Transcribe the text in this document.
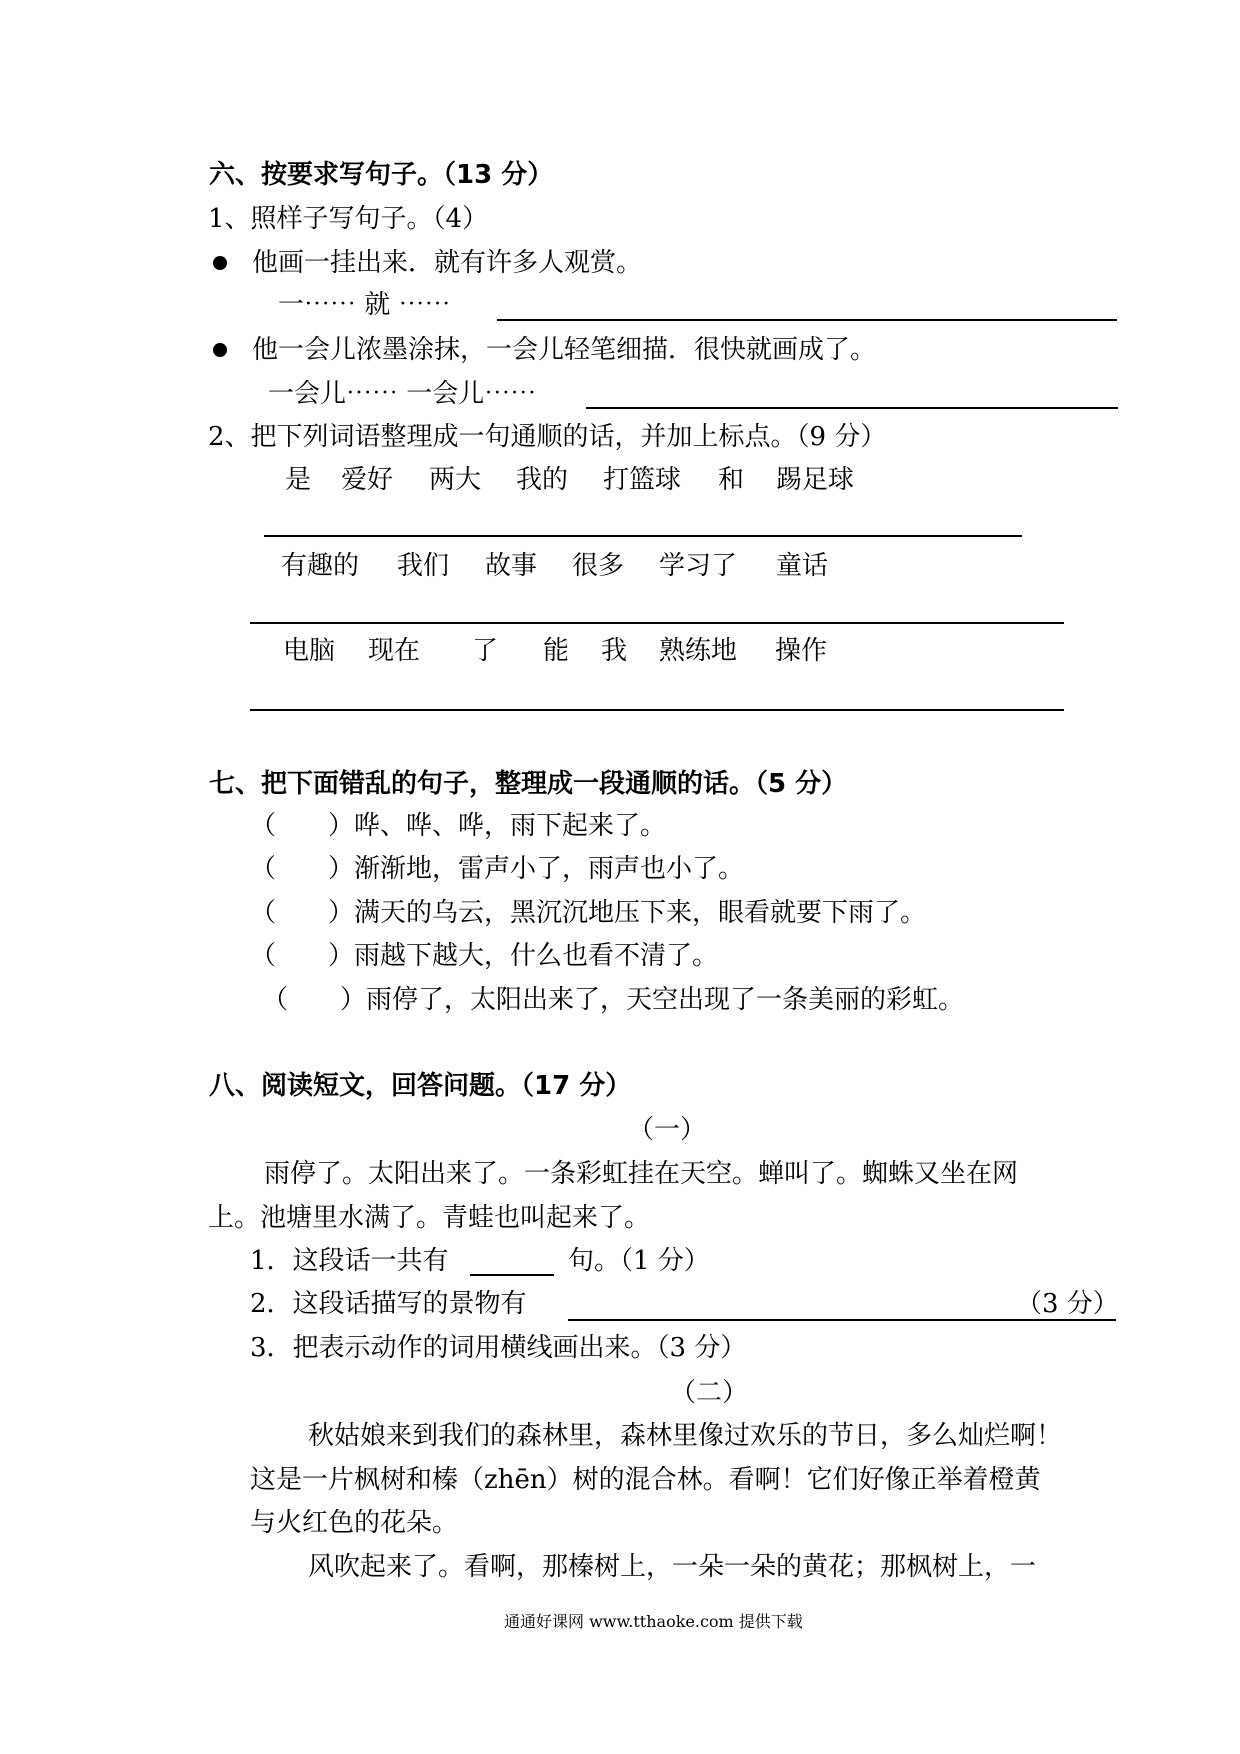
六、按要求写句子。（13 分）
1、照样子写句子。（4）
他画一挂出来．就有许多人观赏。
一⋯⋯ 就 ⋯⋯
他一会儿浓墨涂抹，一会儿轻笔细描．很快就画成了。
一会儿⋯⋯ 一会儿⋯⋯
2、把下列词语整理成一句通顺的话，并加上标点。（9 分）
是 爱好 两大 我的 打篮球 和 踢足球
有趣的 我们 故事 很多 学习了 童话
电脑 现在 了 能 我 熟练地 操作
七、把下面错乱的句子，整理成一段通顺的话。（5 分）
（　　）哗、哗、哗，雨下起来了。
（　　）渐渐地，雷声小了，雨声也小了。
（　　）满天的乌云，黑沉沉地压下来，眼看就要下雨了。
（　　）雨越下越大，什么也看不清了。
（　　）雨停了，太阳出来了，天空出现了一条美丽的彩虹。
八、阅读短文，回答问题。（17 分）
（一）
雨停了。太阳出来了。一条彩虹挂在天空。蝉叫了。蜘蛛又坐在网
上。池塘里水满了。青蛙也叫起来了。
1．这段话一共有	句。（1 分）
2．这段话描写的景物有	（3 分）
3．把表示动作的词用横线画出来。（3 分）
（二）
秋姑娘来到我们的森林里，森林里像过欢乐的节日，多么灿烂啊！
这是一片枫树和榛（zhēn）树的混合林。看啊！它们好像正举着橙黄
与火红色的花朵。
风吹起来了。看啊，那榛树上，一朵一朵的黄花；那枫树上，一
通通好课网 www.tthaoke.com 提供下载
